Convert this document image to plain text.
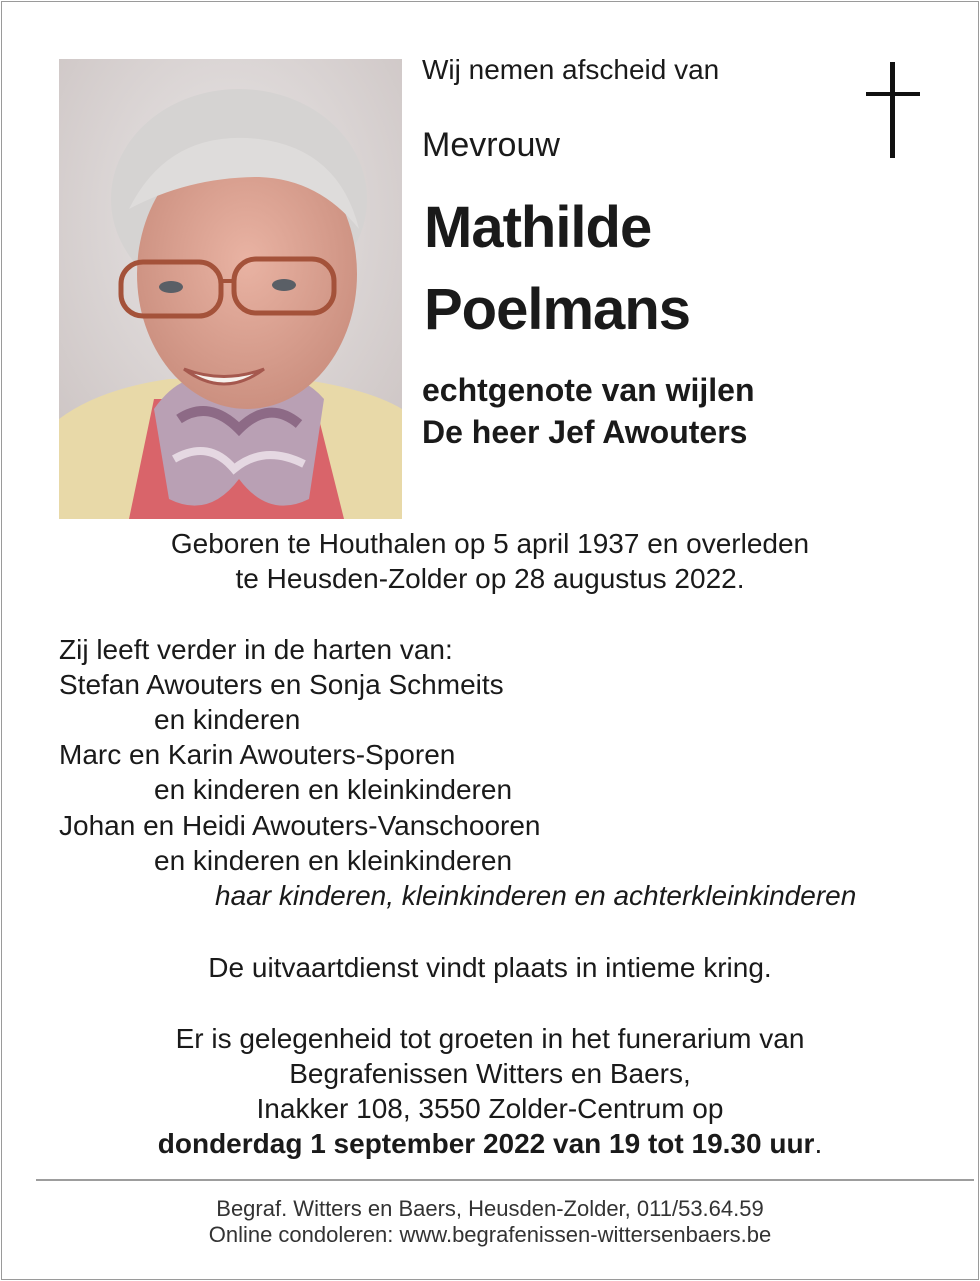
Wij nemen afscheid van
Mevrouw
Mathilde
Poelmans
echtgenote van wijlen
De heer Jef Awouters
Geboren te Houthalen op 5 april 1937 en overleden
te Heusden-Zolder op 28 augustus 2022.
Zij leeft verder in de harten van:
Stefan Awouters en Sonja Schmeits
en kinderen
Marc en Karin Awouters-Sporen
en kinderen en kleinkinderen
Johan en Heidi Awouters-Vanschooren
en kinderen en kleinkinderen
haar kinderen, kleinkinderen en achterkleinkinderen
De uitvaartdienst vindt plaats in intieme kring.
Er is gelegenheid tot groeten in het funerarium van
Begrafenissen Witters en Baers,
Inakker 108, 3550 Zolder-Centrum op
donderdag 1 september 2022 van 19 tot 19.30 uur.
Begraf. Witters en Baers, Heusden-Zolder, 011/53.64.59
Online condoleren: www.begrafenissen-wittersenbaers.be
